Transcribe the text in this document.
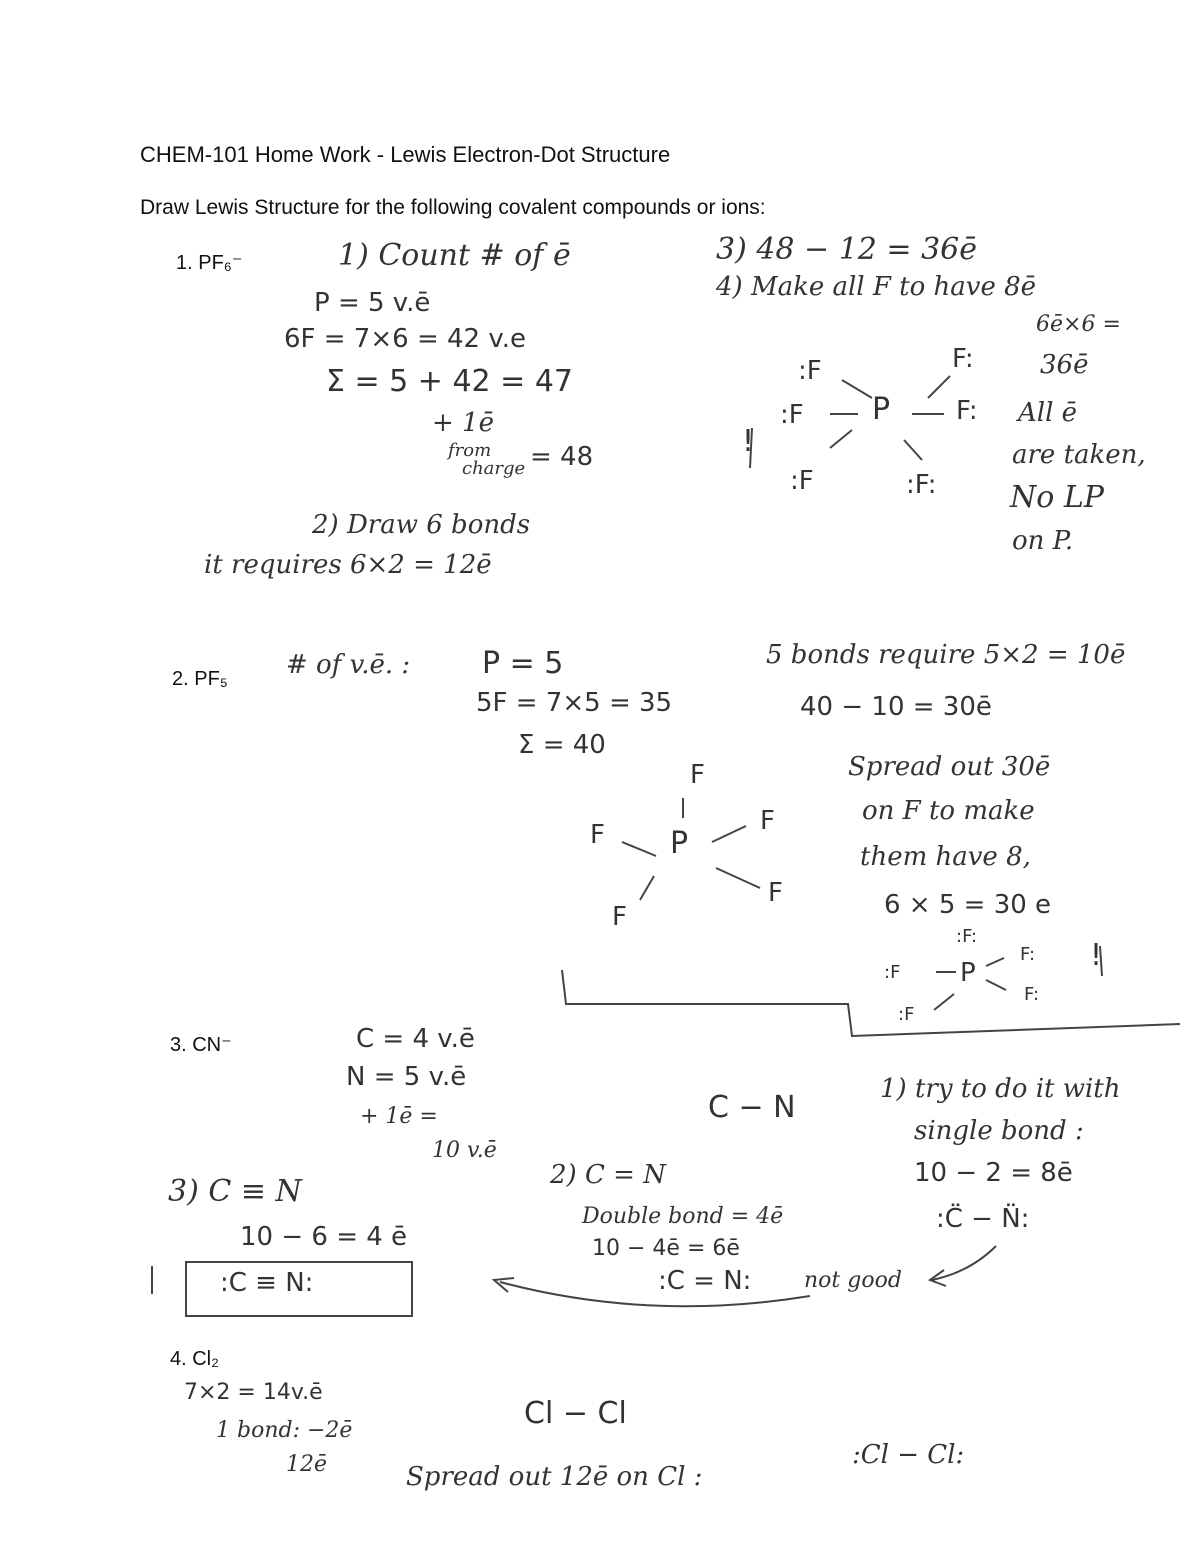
CHEM-101 Home Work - Lewis Electron-Dot Structure
Draw Lewis Structure for the following covalent compounds or ions:
1. PF₆⁻
2. PF₅
3. CN⁻
4. Cl₂
1) Count # of ē
P = 5 v.ē
6F = 7×6 = 42 v.e
Σ = 5 + 42 = 47
+ 1ē
from
charge = 48
2) Draw 6 bonds
it requires 6×2 = 12ē
3) 48 − 12 = 36ē
4) Make all F to have 8ē
6ē×6 =
36ē
All ē
are taken,
No LP
on P.
!
P
:F	F:
:F	F:
:F	:F:
# of v.ē. : P = 5
5F = 7×5 = 35
Σ = 40
5 bonds require 5×2 = 10ē
40 − 10 = 30ē
Spread out 30ē
on F to make
them have 8,
6 × 5 = 30 e
P
F
F	F
F
F
P
:F:
:F
F:
F:
:F
!
C = 4 v.ē
N = 5 v.ē
+ 1ē =
10 v.ē
C − N
1) try to do it with
single bond :
10 − 2 = 8ē
:C̈ − N̈:
2) C = N
Double bond = 4ē
10 − 4ē = 6ē
:C = N: not good
3) C ≡ N
10 − 6 = 4 ē
:C ≡ N:
7×2 = 14v.ē
1 bond: −2ē
12ē
Cl − Cl
Spread out 12ē on Cl :
:Cl − Cl:
